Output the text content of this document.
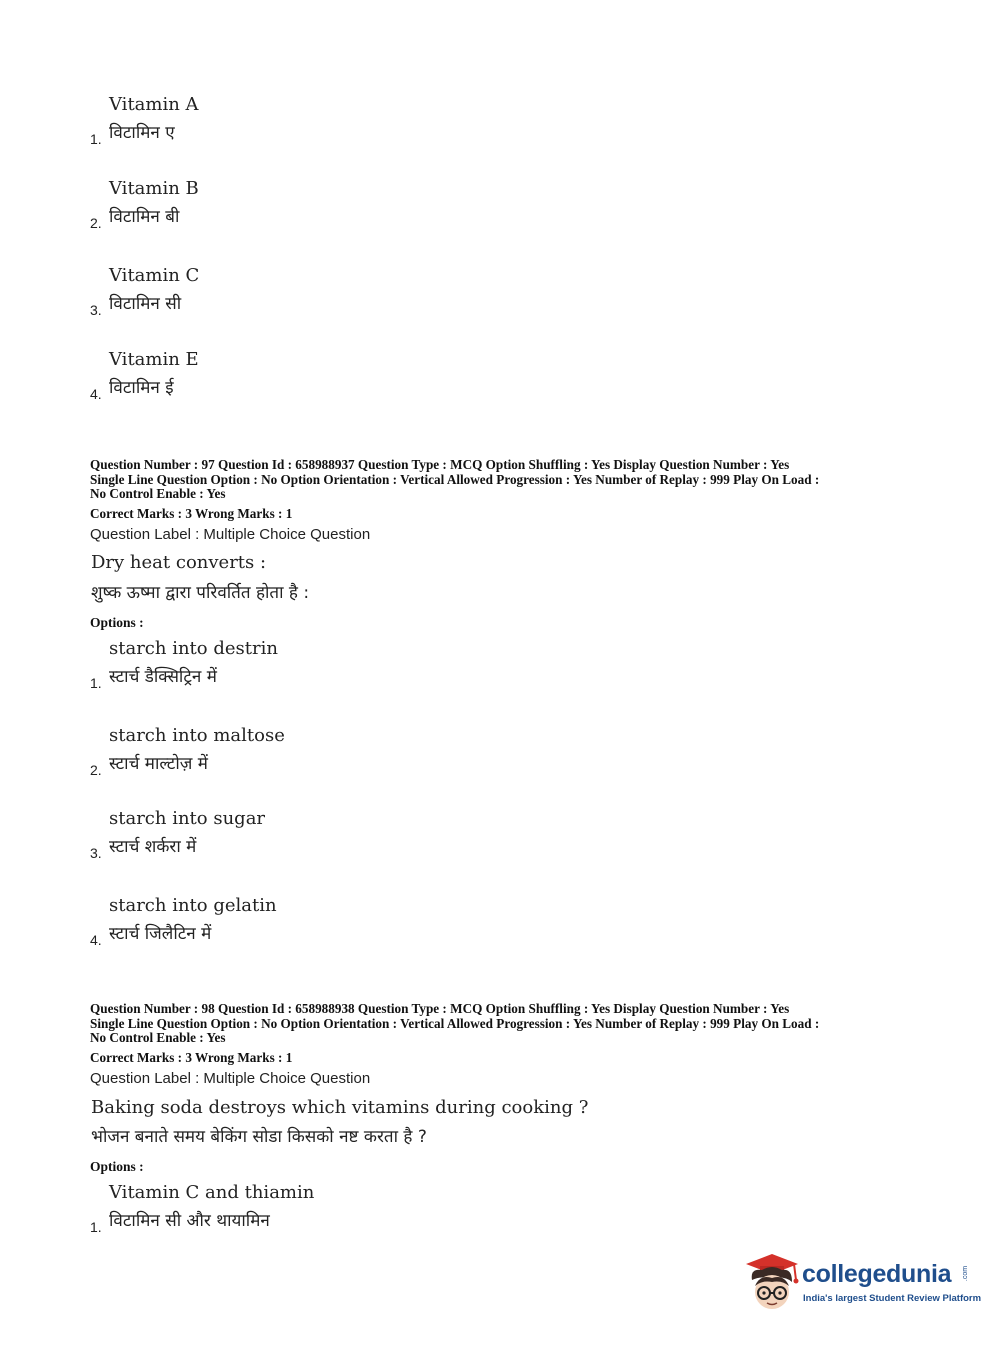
Vitamin A
विटामिन ए
1.
Vitamin B
विटामिन बी
2.
Vitamin C
विटामिन सी
3.
Vitamin E
विटामिन ई
4.
Question Number : 97 Question Id : 658988937 Question Type : MCQ Option Shuffling : Yes Display Question Number : Yes
Single Line Question Option : No Option Orientation : Vertical Allowed Progression : Yes Number of Replay : 999 Play On Load :
No Control Enable : Yes
Correct Marks : 3 Wrong Marks : 1
Question Label : Multiple Choice Question
Dry heat converts :
शुष्क ऊष्मा द्वारा परिवर्तित होता है :
Options :
starch into destrin
स्टार्च डैक्सिट्रिन में
1.
starch into maltose
स्टार्च माल्टोज़ में
2.
starch into sugar
स्टार्च शर्करा में
3.
starch into gelatin
स्टार्च जिलैटिन में
4.
Question Number : 98 Question Id : 658988938 Question Type : MCQ Option Shuffling : Yes Display Question Number : Yes
Single Line Question Option : No Option Orientation : Vertical Allowed Progression : Yes Number of Replay : 999 Play On Load :
No Control Enable : Yes
Correct Marks : 3 Wrong Marks : 1
Question Label : Multiple Choice Question
Baking soda destroys which vitamins during cooking ?
भोजन बनाते समय बेकिंग सोडा किसको नष्ट करता है ?
Options :
Vitamin C and thiamin
विटामिन सी और थायामिन
1.
collegedunia .com
India's largest Student Review Platform
